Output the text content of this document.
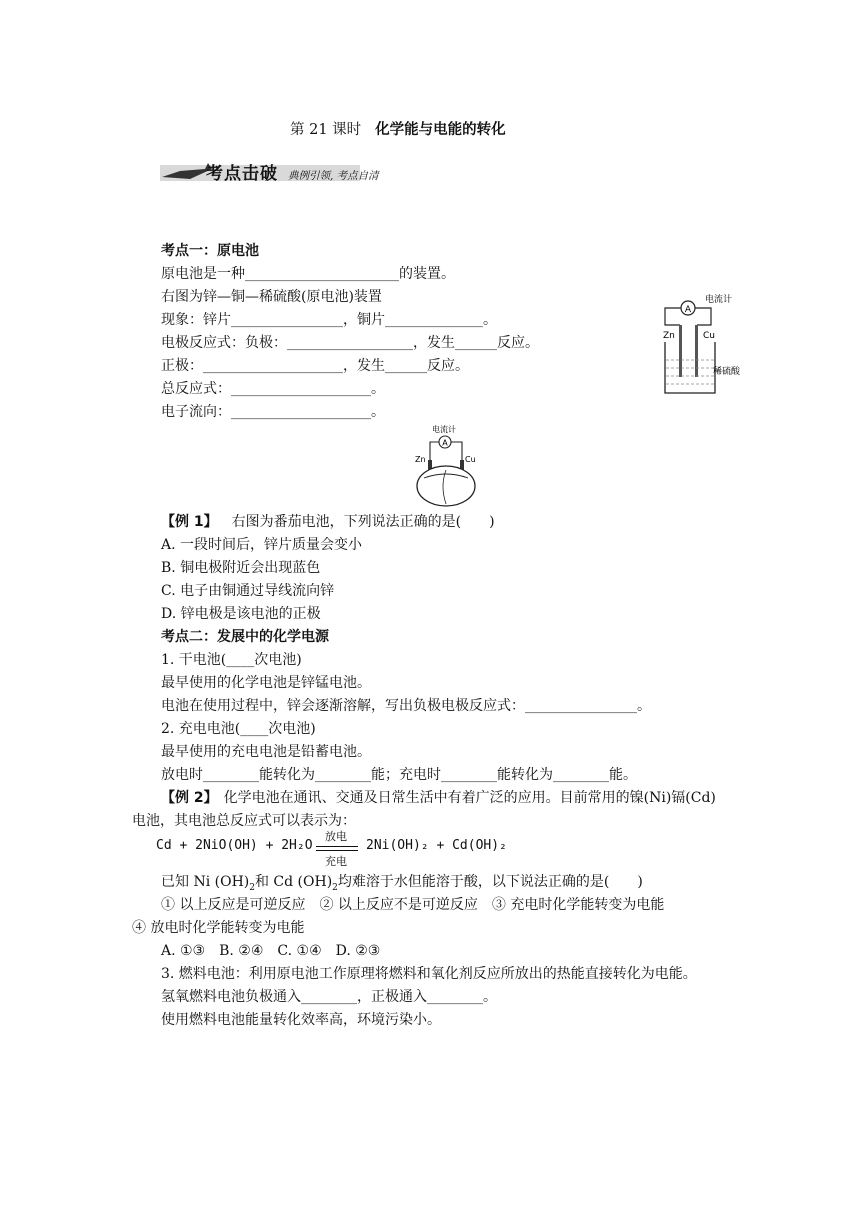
第 21 课时 化学能与电能的转化
考点击破 典例引领, 考点自清
考点一：原电池
原电池是一种______________________的装置。
右图为锌—铜—稀硫酸(原电池)装置
现象：锌片________________，铜片______________。
电极反应式：负极：__________________，发生______反应。
正极：____________________，发生______反应。
总反应式：____________________。
电子流向：____________________。
A
电流计
Zn	Cu
稀硫酸
电流计
A
Zn	Cu
【例 1】 右图为番茄电池，下列说法正确的是(　　)
A. 一段时间后，锌片质量会变小
B. 铜电极附近会出现蓝色
C. 电子由铜通过导线流向锌
D. 锌电极是该电池的正极
考点二：发展中的化学电源
1. 干电池(____次电池)
最早使用的化学电池是锌锰电池。
电池在使用过程中，锌会逐渐溶解，写出负极电极反应式：________________。
2. 充电电池(____次电池)
最早使用的充电电池是铅蓄电池。
放电时________能转化为________能；充电时________能转化为________能。
【例 2】 化学电池在通讯、交通及日常生活中有着广泛的应用。目前常用的镍(Ni)镉(Cd)
电池，其电池总反应式可以表示为：
Cd + 2NiO(OH) + 2H₂O
放电
充电
2Ni(OH)₂ + Cd(OH)₂
已知 Ni $(OH)_2$和 Cd $(OH)_2$均难溶于水但能溶于酸，以下说法正确的是(　　)
① 以上反应是可逆反应　② 以上反应不是可逆反应　③ 充电时化学能转变为电能
④ 放电时化学能转变为电能
A. ①③　B. ②④　C. ①④　D. ②③
3. 燃料电池：利用原电池工作原理将燃料和氧化剂反应所放出的热能直接转化为电能。
氢氧燃料电池负极通入________，正极通入________。
使用燃料电池能量转化效率高，环境污染小。
